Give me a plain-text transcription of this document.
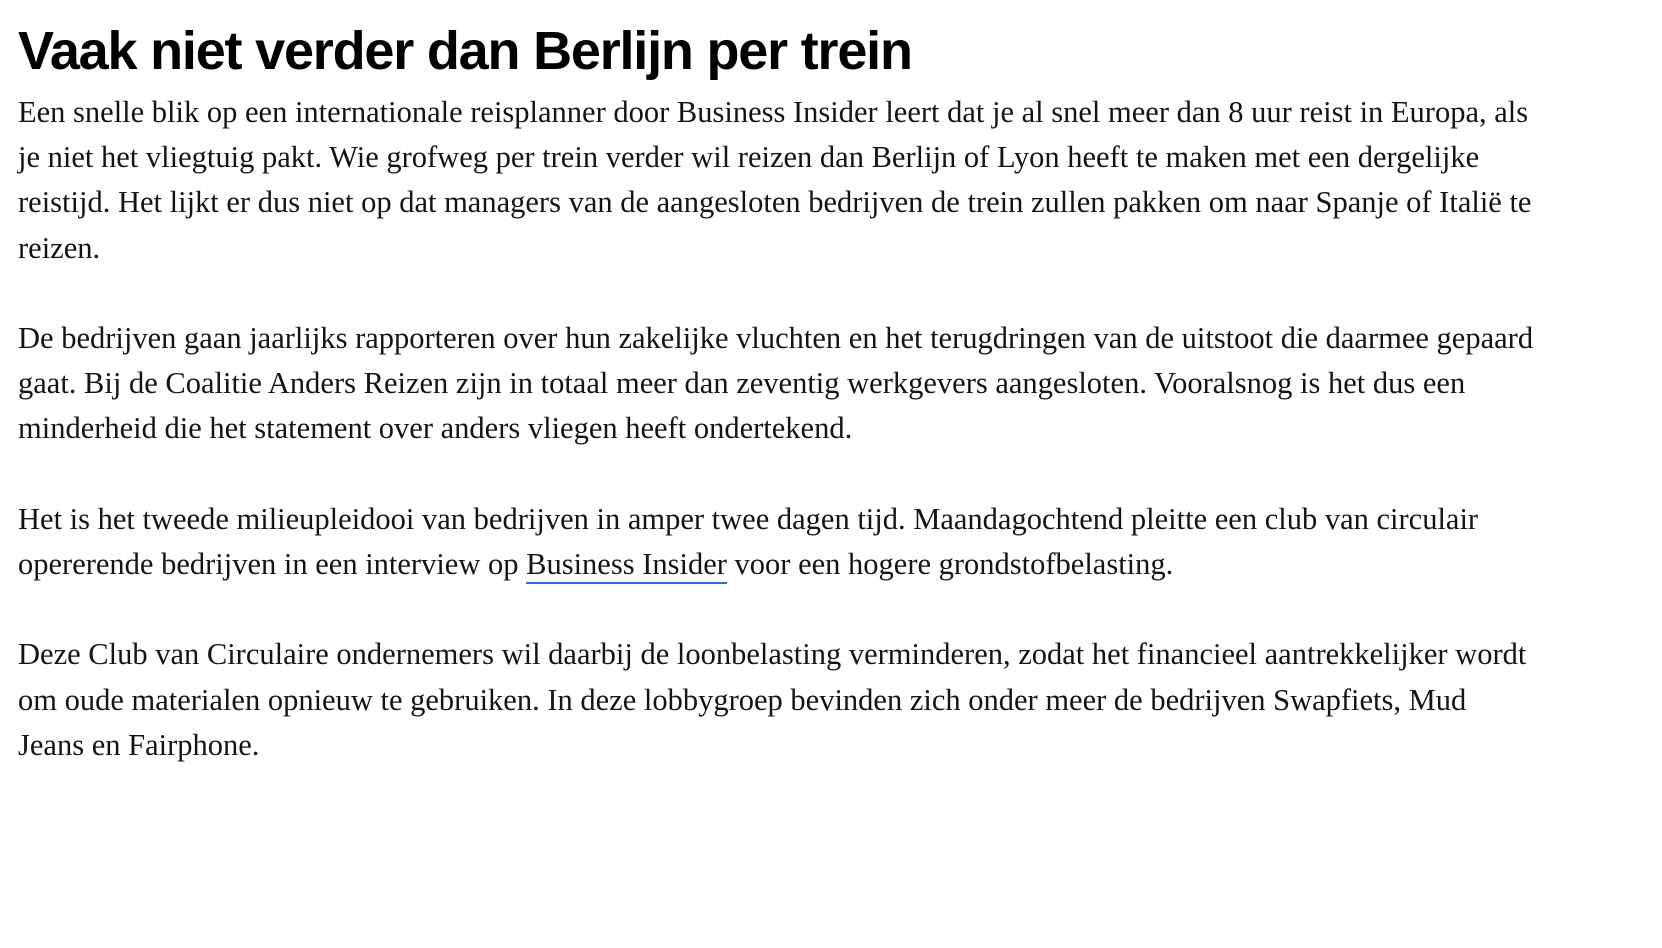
Vaak niet verder dan Berlijn per trein

Een snelle blik op een internationale reisplanner door Business Insider leert dat je al snel meer dan 8 uur reist in Europa, als je niet het vliegtuig pakt. Wie grofweg per trein verder wil reizen dan Berlijn of Lyon heeft te maken met een dergelijke reistijd. Het lijkt er dus niet op dat managers van de aangesloten bedrijven de trein zullen pakken om naar Spanje of Italië te reizen.

De bedrijven gaan jaarlijks rapporteren over hun zakelijke vluchten en het terugdringen van de uitstoot die daarmee gepaard gaat. Bij de Coalitie Anders Reizen zijn in totaal meer dan zeventig werkgevers aangesloten. Vooralsnog is het dus een minderheid die het statement over anders vliegen heeft ondertekend.

Het is het tweede milieupleidooi van bedrijven in amper twee dagen tijd. Maandagochtend pleitte een club van circulair opererende bedrijven in een interview op Business Insider voor een hogere grondstofbelasting.

Deze Club van Circulaire ondernemers wil daarbij de loonbelasting verminderen, zodat het financieel aantrekkelijker wordt om oude materialen opnieuw te gebruiken. In deze lobbygroep bevinden zich onder meer de bedrijven Swapfiets, Mud Jeans en Fairphone.
